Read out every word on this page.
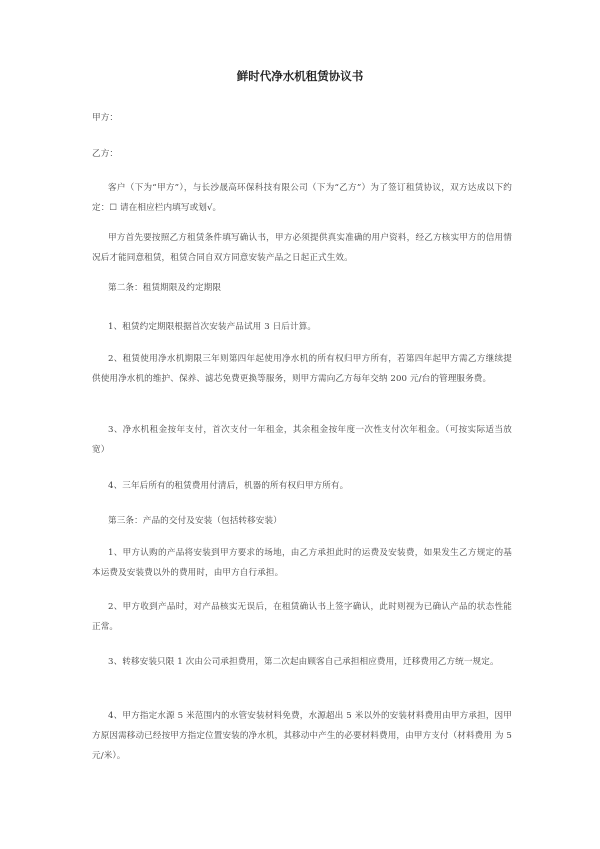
鲜时代净水机租赁协议书
甲方：
乙方：
客户（下为“甲方”），与长沙晟高环保科技有限公司（下为“乙方”）为了签订租赁协议，双方达成以下约定：☐ 请在相应栏内填写或划√。
甲方首先要按照乙方租赁条件填写确认书，甲方必须提供真实准确的用户资料，经乙方核实甲方的信用情况后才能同意租赁，租赁合同自双方同意安装产品之日起正式生效。
第二条：租赁期限及约定期限
1、租赁约定期限根据首次安装产品试用 3 日后计算。
2、租赁使用净水机期限三年则第四年起使用净水机的所有权归甲方所有，若第四年起甲方需乙方继续提供使用净水机的维护、保养、滤芯免费更换等服务，则甲方需向乙方每年交纳 200 元/台的管理服务费。
3、净水机租金按年支付，首次支付一年租金，其余租金按年度一次性支付次年租金。（可按实际适当放宽）
4、三年后所有的租赁费用付清后，机器的所有权归甲方所有。
第三条：产品的交付及安装（包括转移安装）
1、甲方认购的产品将安装到甲方要求的场地，由乙方承担此时的运费及安装费，如果发生乙方规定的基 本运费及安装费以外的费用时，由甲方自行承担。
2、甲方收到产品时，对产品核实无误后，在租赁确认书上签字确认，此时则视为已确认产品的状态性能 正常。
3、转移安装只限 1 次由公司承担费用，第二次起由顾客自己承担相应费用，迁移费用乙方统一规定。
4、甲方指定水源 5 米范围内的水管安装材料免费，水源超出 5 米以外的安装材料费用由甲方承担，因甲 方原因需移动已经按甲方指定位置安装的净水机，其移动中产生的必要材料费用，由甲方支付（材料费用 为 5 元/米）。
